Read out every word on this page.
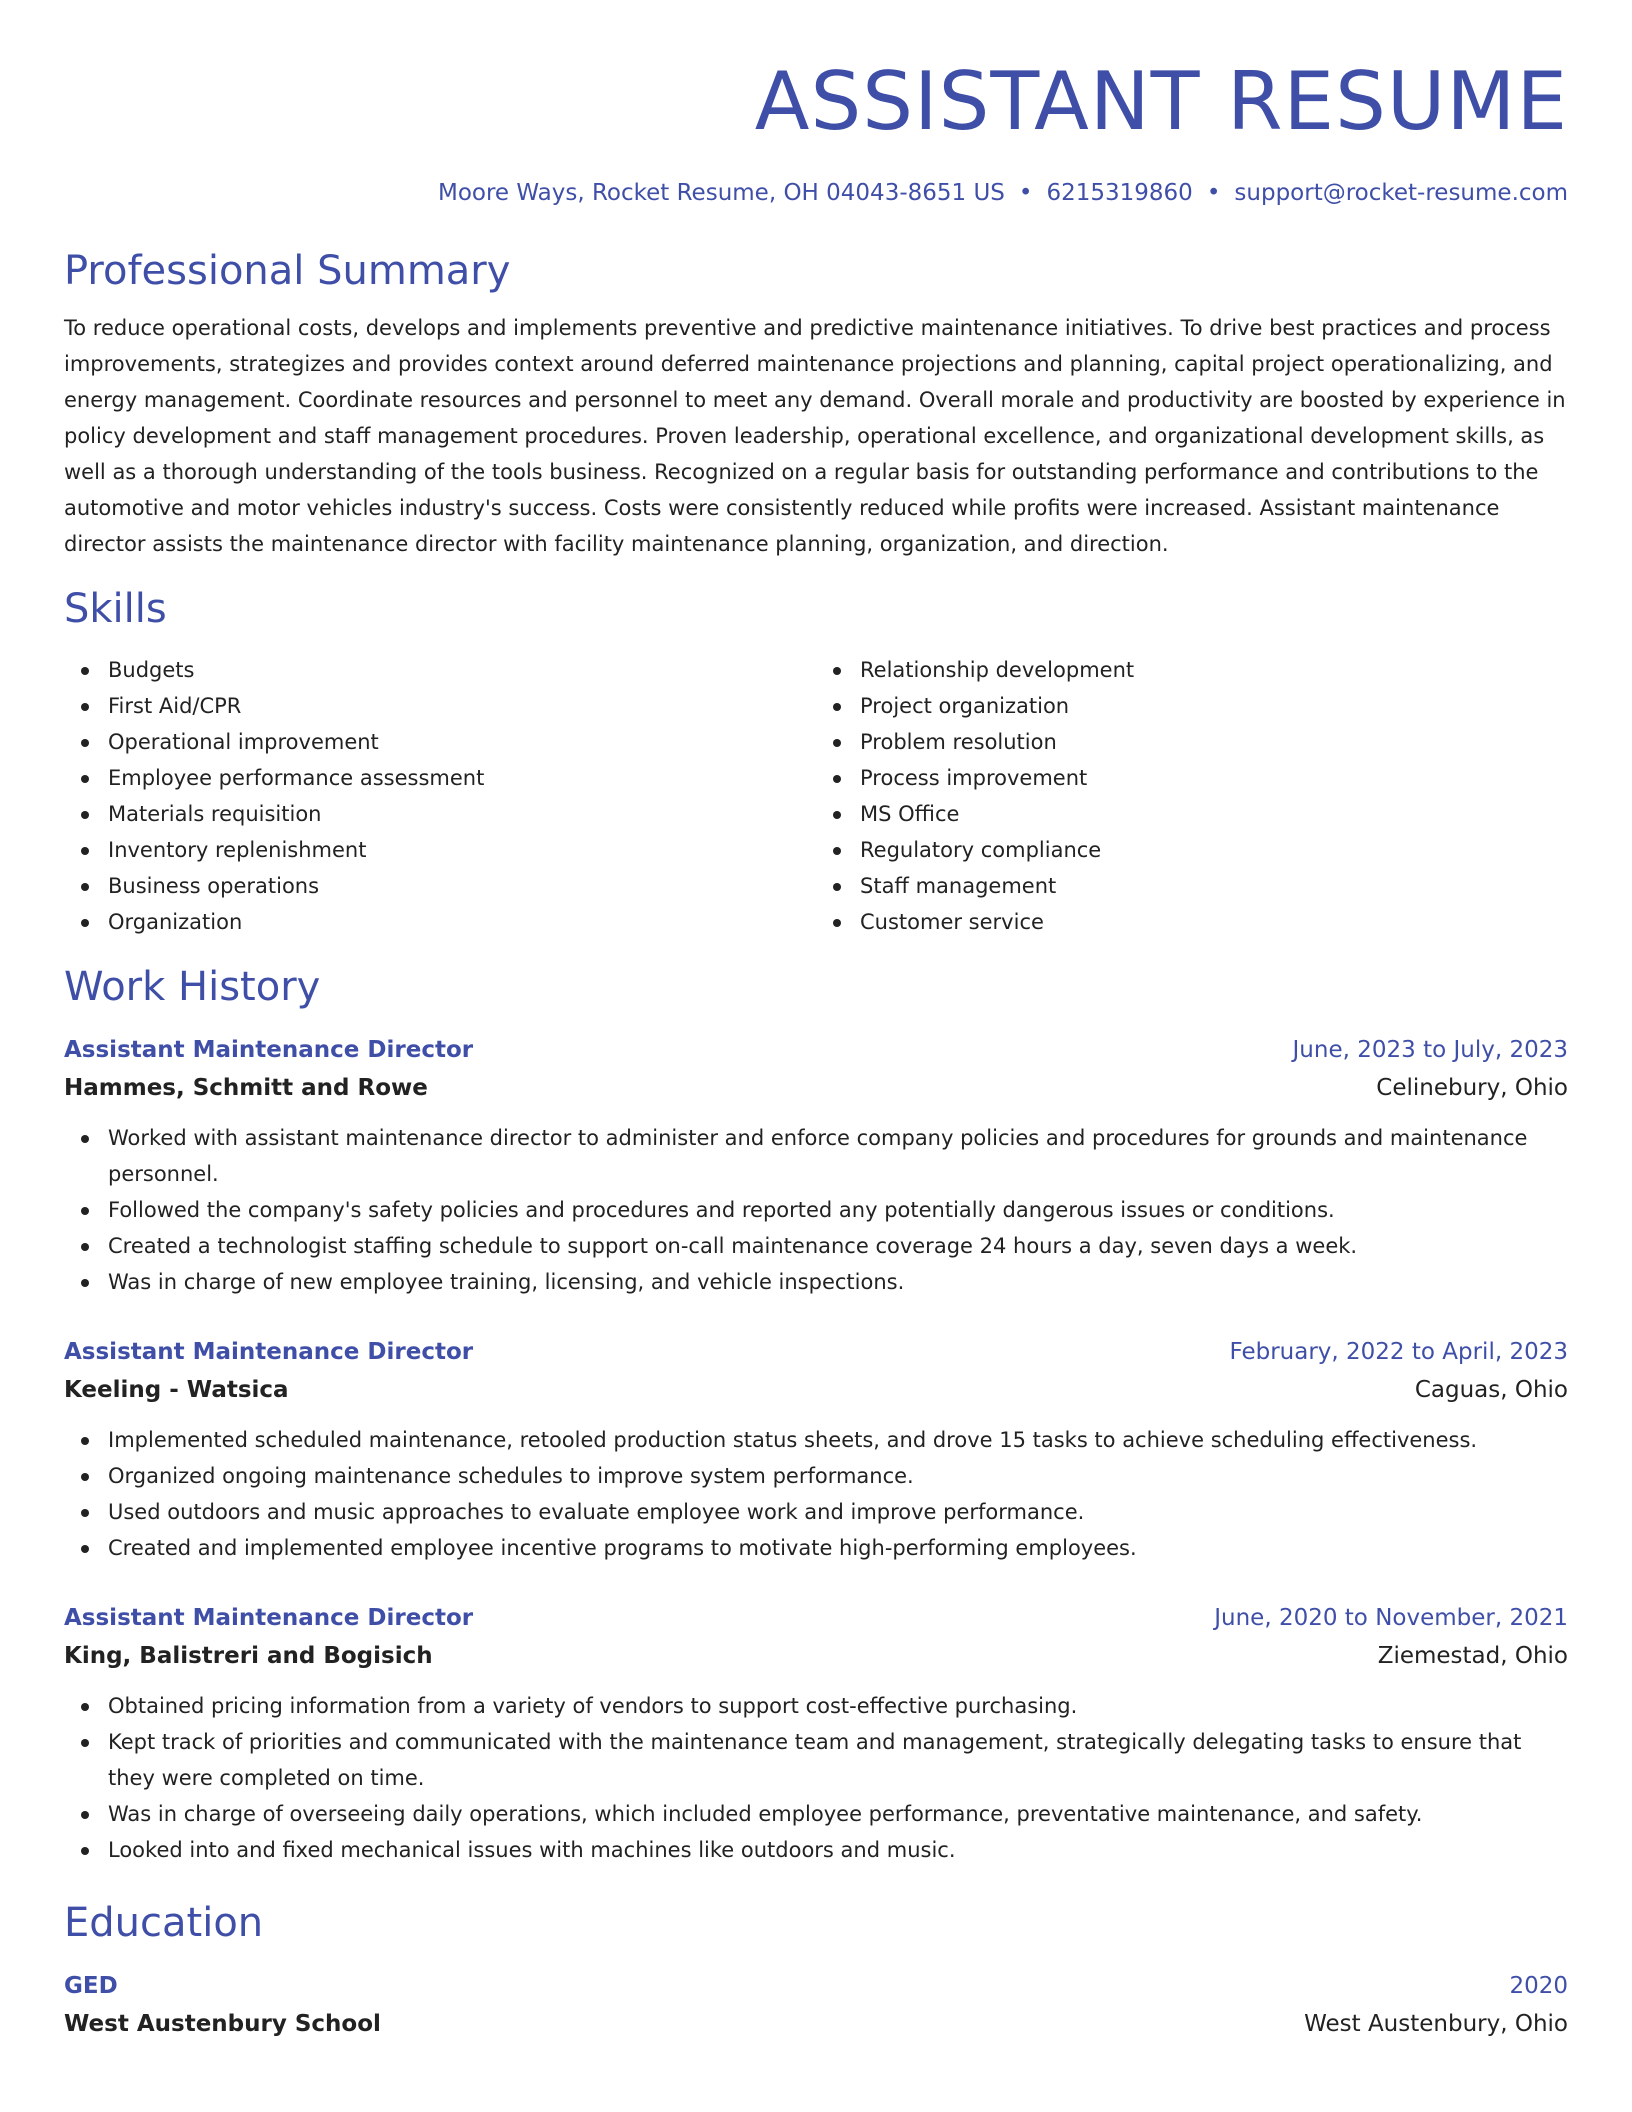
ASSISTANT RESUME
Moore Ways, Rocket Resume, OH 04043-8651 US • 6215319860 • support@rocket-resume.com
Professional Summary

To reduce operational costs, develops and implements preventive and predictive maintenance initiatives. To drive best practices and process improvements, strategizes and provides context around deferred maintenance projections and planning, capital project operationalizing, and energy management. Coordinate resources and personnel to meet any demand. Overall morale and productivity are boosted by experience in policy development and staff management procedures. Proven leadership, operational excellence, and organizational development skills, as well as a thorough understanding of the tools business. Recognized on a regular basis for outstanding performance and contributions to the automotive and motor vehicles industry's success. Costs were consistently reduced while profits were increased. Assistant maintenance director assists the maintenance director with facility maintenance planning, organization, and direction.

Skills
Budgets
First Aid/CPR
Operational improvement
Employee performance assessment
Materials requisition
Inventory replenishment
Business operations
Organization
Relationship development
Project organization
Problem resolution
Process improvement
MS Office
Regulatory compliance
Staff management
Customer service
Work History
Assistant Maintenance Director	June, 2023 to July, 2023
Hammes, Schmitt and Rowe	Celinebury, Ohio
Worked with assistant maintenance director to administer and enforce company policies and procedures for grounds and maintenance personnel.
Followed the company's safety policies and procedures and reported any potentially dangerous issues or conditions.
Created a technologist staffing schedule to support on-call maintenance coverage 24 hours a day, seven days a week.
Was in charge of new employee training, licensing, and vehicle inspections.
Assistant Maintenance Director	February, 2022 to April, 2023
Keeling - Watsica	Caguas, Ohio
Implemented scheduled maintenance, retooled production status sheets, and drove 15 tasks to achieve scheduling effectiveness.
Organized ongoing maintenance schedules to improve system performance.
Used outdoors and music approaches to evaluate employee work and improve performance.
Created and implemented employee incentive programs to motivate high-performing employees.
Assistant Maintenance Director	June, 2020 to November, 2021
King, Balistreri and Bogisich	Ziemestad, Ohio
Obtained pricing information from a variety of vendors to support cost-effective purchasing.
Kept track of priorities and communicated with the maintenance team and management, strategically delegating tasks to ensure that they were completed on time.
Was in charge of overseeing daily operations, which included employee performance, preventative maintenance, and safety.
Looked into and fixed mechanical issues with machines like outdoors and music.
Education
GED	2020
West Austenbury School	West Austenbury, Ohio
